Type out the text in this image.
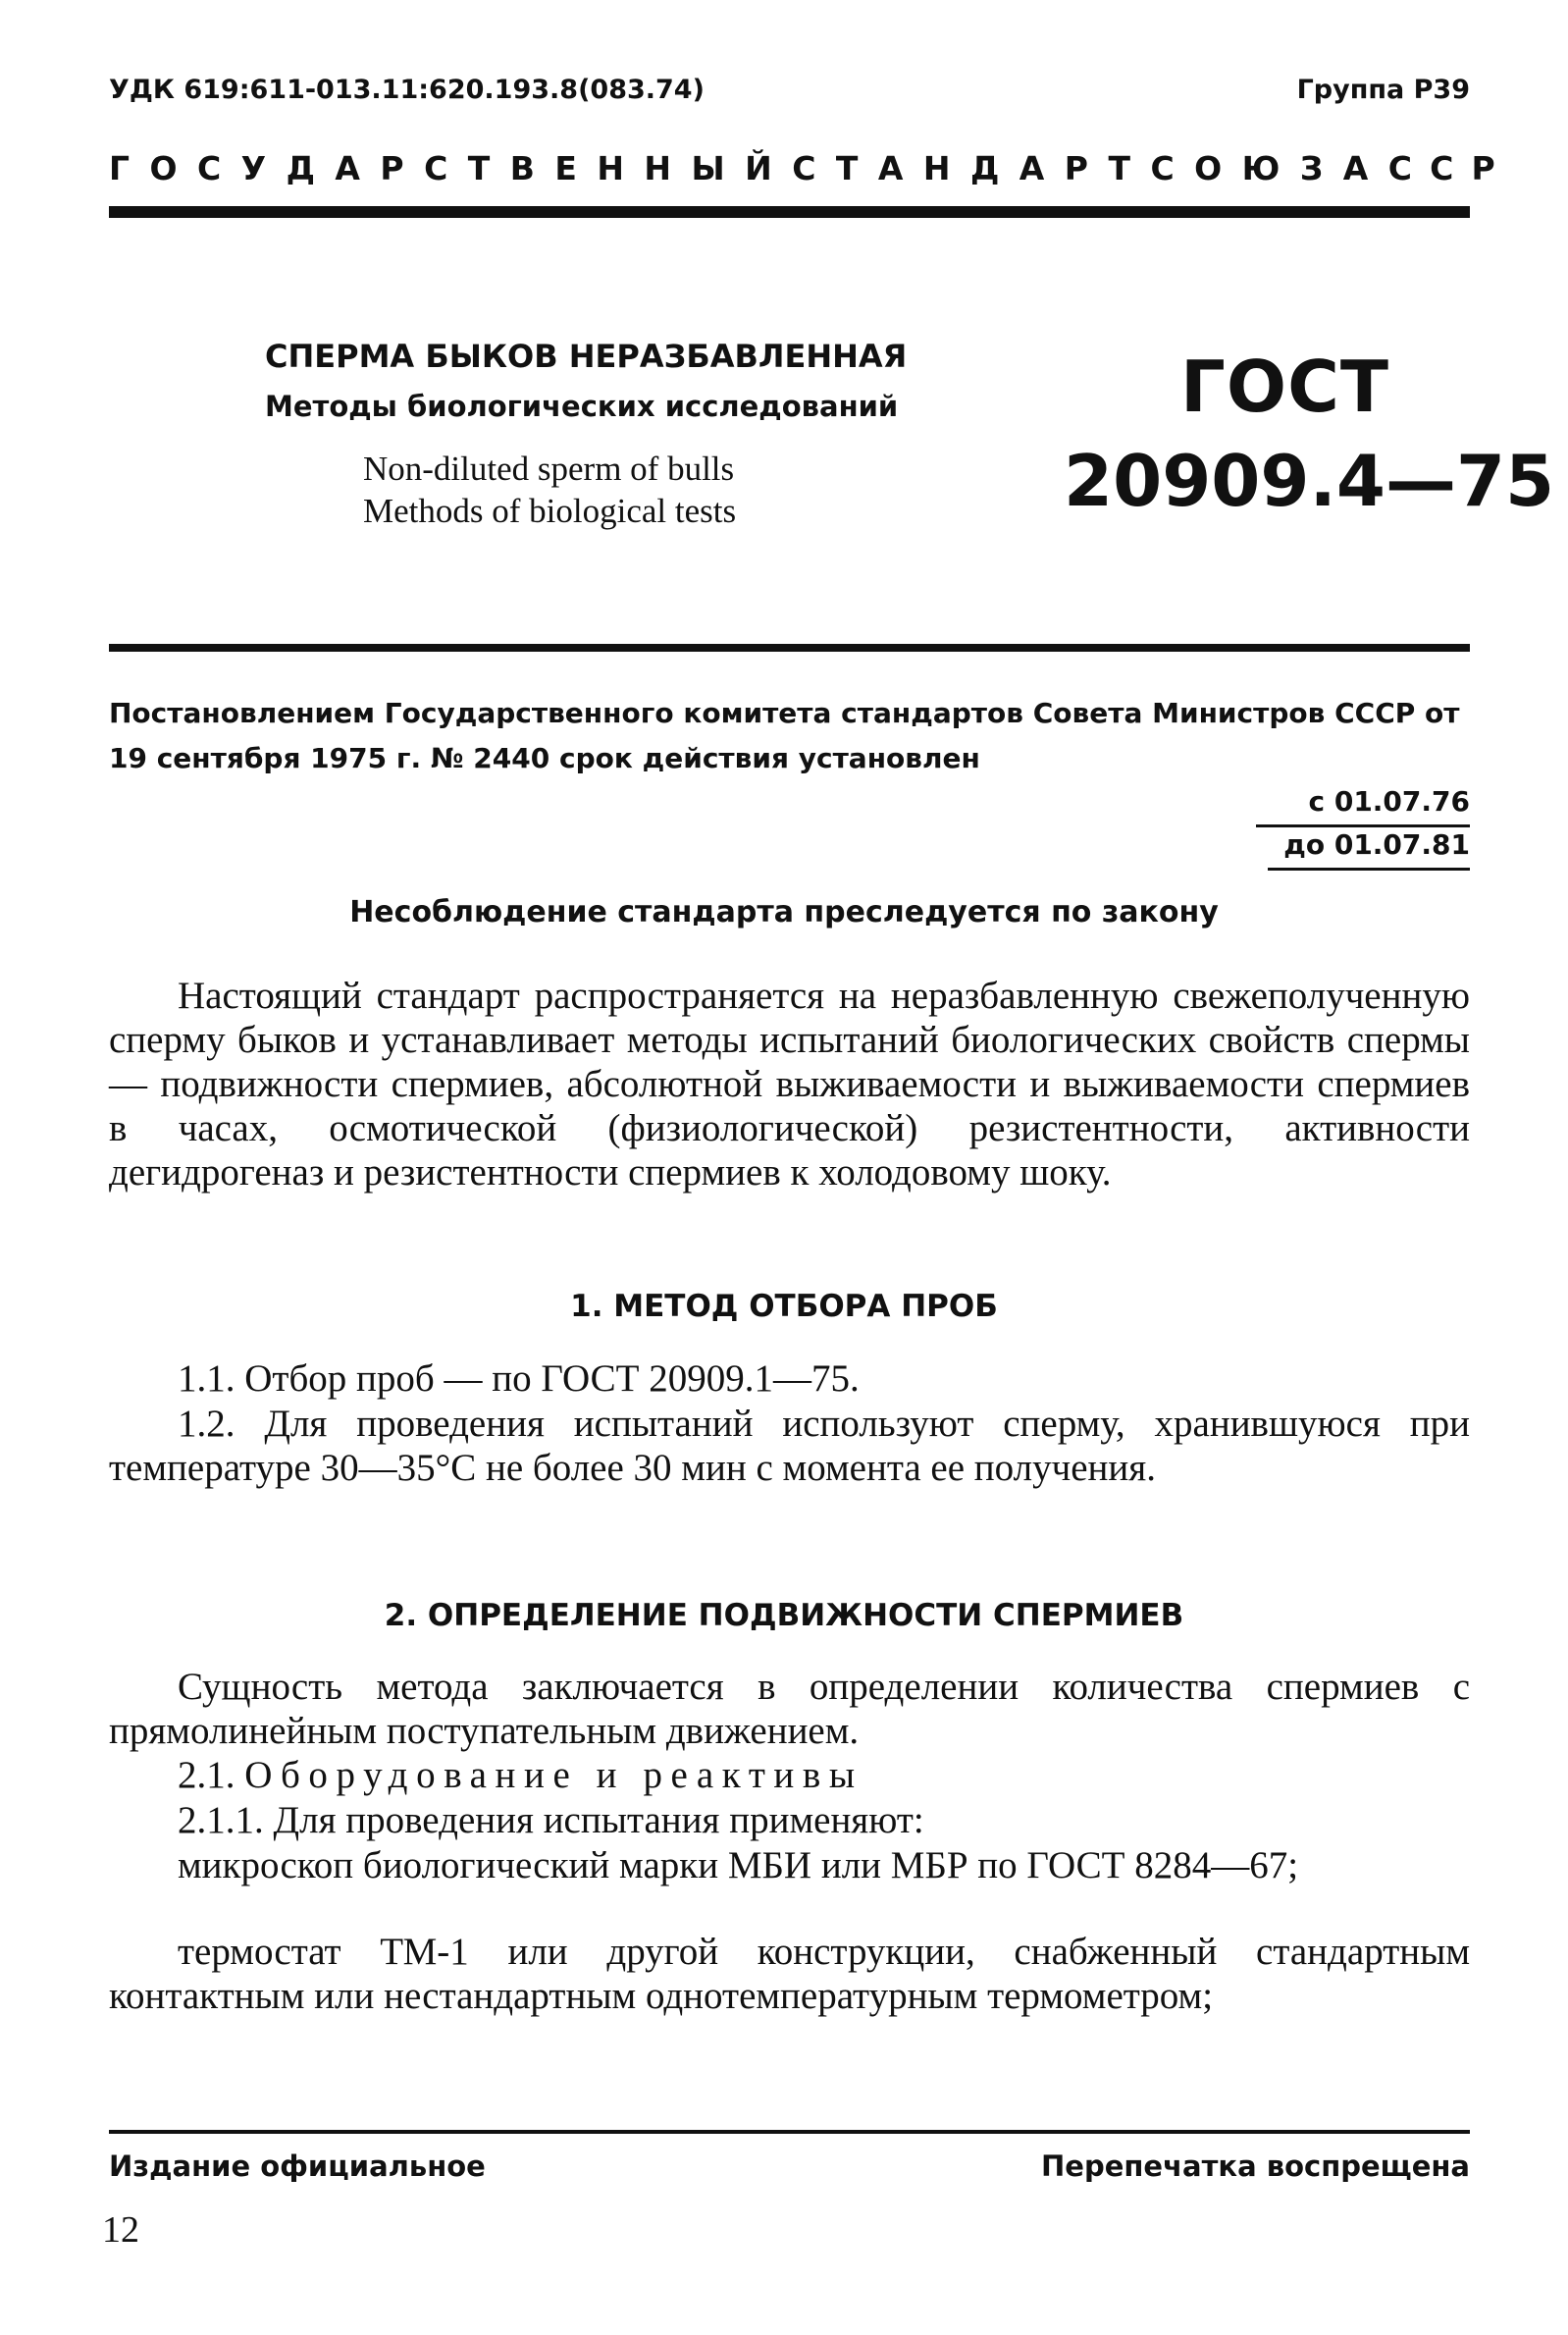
УДК 619:611-013.11:620.193.8(083.74)	Группа Р39
ГОСУДАРСТВЕННЫЙ СТАНДАРТ СОЮЗА ССР
СПЕРМА БЫКОВ НЕРАЗБАВЛЕННАЯ
Методы биологических исследований
Non-diluted sperm of bulls
Methods of biological tests
ГОСТ
20909.4—75
Постановлением Государственного комитета стандартов Совета Министров СССР от 19 сентября 1975 г. № 2440 срок действия установлен
с 01.07.76
до 01.07.81
Несоблюдение стандарта преследуется по закону

Настоящий стандарт распространяется на неразбавленную свежеполученную сперму быков и устанавливает методы испытаний биологических свойств спермы — подвижности спермиев, абсолютной выживаемости и выживаемости спермиев в часах, осмотической (физиологической) резистентности, активности дегидрогеназ и резистентности спермиев к холодовому шоку.

1. МЕТОД ОТБОРА ПРОБ

1.1. Отбор проб — по ГОСТ 20909.1—75.

1.2. Для проведения испытаний используют сперму, хранившуюся при температуре 30—35°С не более 30 мин с момента ее получения.

2. ОПРЕДЕЛЕНИЕ ПОДВИЖНОСТИ СПЕРМИЕВ

Сущность метода заключается в определении количества спермиев с прямолинейным поступательным движением.

2.1. Оборудование и реактивы

2.1.1. Для проведения испытания применяют:

микроскоп биологический марки МБИ или МБР по ГОСТ 8284—67;

термостат ТМ-1 или другой конструкции, снабженный стандартным контактным или нестандартным однотемпературным термометром;

Издание официальное	Перепечатка воспрещена
12
